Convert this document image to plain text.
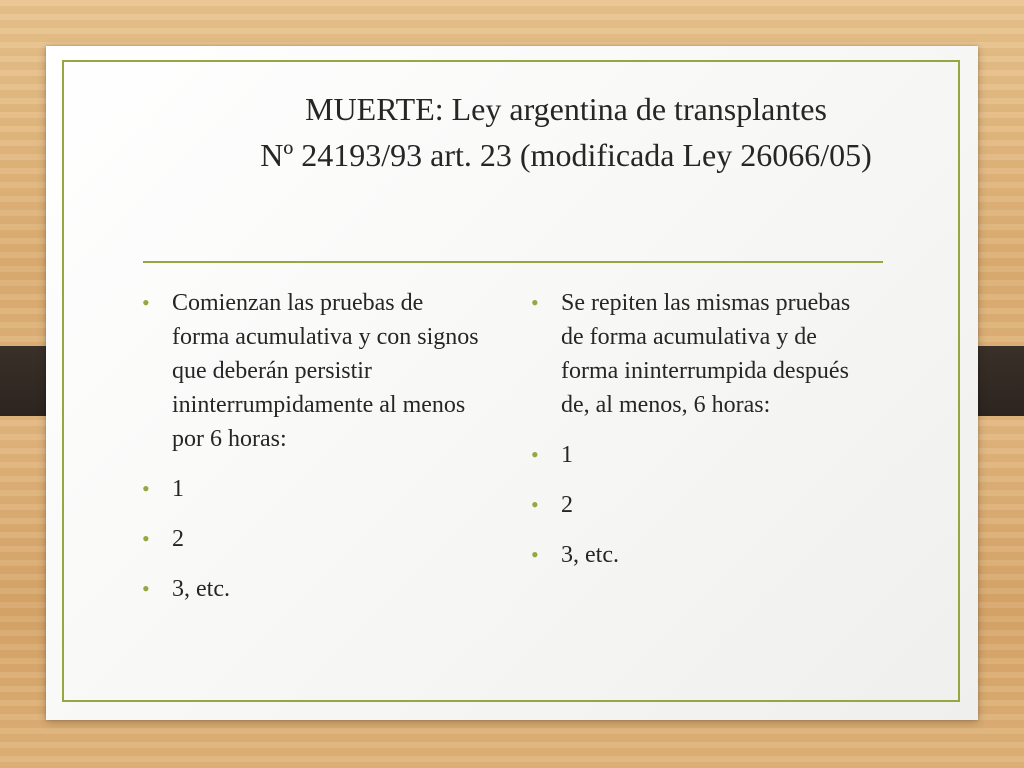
MUERTE: Ley argentina de transplantes
Nº 24193/93 art. 23 (modificada Ley 26066/05)
• Comienzan las pruebas de forma acumulativa y con signos que deberán persistir ininterrumpidamente al menos por 6 horas:
• 1
• 2
• 3, etc.
• Se repiten las mismas pruebas de forma acumulativa y de forma ininterrumpida después de, al menos, 6 horas:
• 1
• 2
• 3, etc.
